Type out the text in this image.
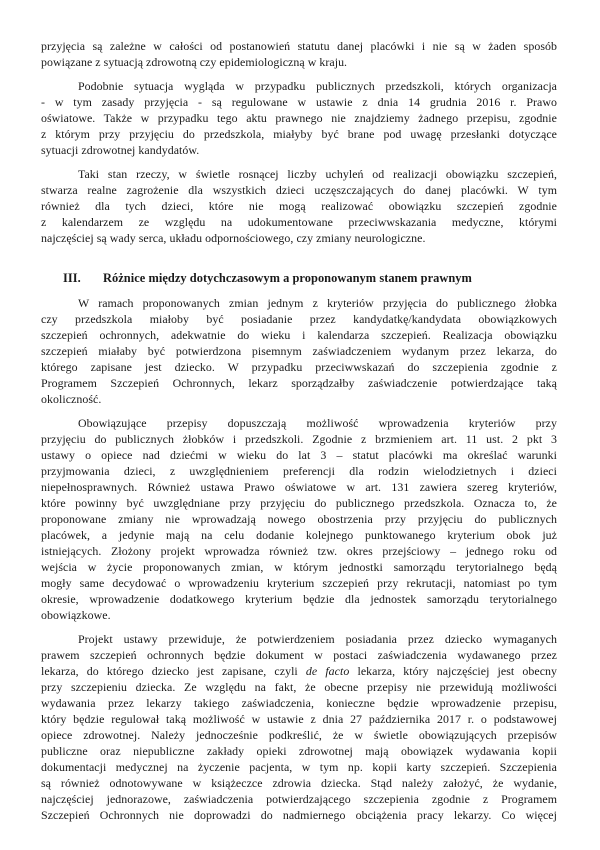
przyjęcia są zależne w całości od postanowień statutu danej placówki i nie są w żaden sposób
powiązane z sytuacją zdrowotną czy epidemiologiczną w kraju.
Podobnie sytuacja wygląda w przypadku publicznych przedszkoli, których organizacja
- w tym zasady przyjęcia - są regulowane w ustawie z dnia 14 grudnia 2016 r. Prawo
oświatowe. Także w przypadku tego aktu prawnego nie znajdziemy żadnego przepisu, zgodnie
z którym przy przyjęciu do przedszkola, miałyby być brane pod uwagę przesłanki dotyczące
sytuacji zdrowotnej kandydatów.
Taki stan rzeczy, w świetle rosnącej liczby uchyleń od realizacji obowiązku szczepień,
stwarza realne zagrożenie dla wszystkich dzieci uczęszczających do danej placówki. W tym
również dla tych dzieci, które nie mogą realizować obowiązku szczepień zgodnie
z kalendarzem ze względu na udokumentowane przeciwwskazania medyczne, którymi
najczęściej są wady serca, układu odpornościowego, czy zmiany neurologiczne.
III. Różnice między dotychczasowym a proponowanym stanem prawnym
W ramach proponowanych zmian jednym z kryteriów przyjęcia do publicznego żłobka
czy przedszkola miałoby być posiadanie przez kandydatkę/kandydata obowiązkowych
szczepień ochronnych, adekwatnie do wieku i kalendarza szczepień. Realizacja obowiązku
szczepień miałaby być potwierdzona pisemnym zaświadczeniem wydanym przez lekarza, do
którego zapisane jest dziecko. W przypadku przeciwwskazań do szczepienia zgodnie z
Programem Szczepień Ochronnych, lekarz sporządzałby zaświadczenie potwierdzające taką
okoliczność.
Obowiązujące przepisy dopuszczają możliwość wprowadzenia kryteriów przy
przyjęciu do publicznych żłobków i przedszkoli. Zgodnie z brzmieniem art. 11 ust. 2 pkt 3
ustawy o opiece nad dziećmi w wieku do lat 3 – statut placówki ma określać warunki
przyjmowania dzieci, z uwzględnieniem preferencji dla rodzin wielodzietnych i dzieci
niepełnosprawnych. Również ustawa Prawo oświatowe w art. 131 zawiera szereg kryteriów,
które powinny być uwzględniane przy przyjęciu do publicznego przedszkola. Oznacza to, że
proponowane zmiany nie wprowadzają nowego obostrzenia przy przyjęciu do publicznych
placówek, a jedynie mają na celu dodanie kolejnego punktowanego kryterium obok już
istniejących. Złożony projekt wprowadza również tzw. okres przejściowy – jednego roku od
wejścia w życie proponowanych zmian, w którym jednostki samorządu terytorialnego będą
mogły same decydować o wprowadzeniu kryterium szczepień przy rekrutacji, natomiast po tym
okresie, wprowadzenie dodatkowego kryterium będzie dla jednostek samorządu terytorialnego
obowiązkowe.
Projekt ustawy przewiduje, że potwierdzeniem posiadania przez dziecko wymaganych
prawem szczepień ochronnych będzie dokument w postaci zaświadczenia wydawanego przez
lekarza, do którego dziecko jest zapisane, czyli de facto lekarza, który najczęściej jest obecny
przy szczepieniu dziecka. Ze względu na fakt, że obecne przepisy nie przewidują możliwości
wydawania przez lekarzy takiego zaświadczenia, konieczne będzie wprowadzenie przepisu,
który będzie regulował taką możliwość w ustawie z dnia 27 października 2017 r. o podstawowej
opiece zdrowotnej. Należy jednocześnie podkreślić, że w świetle obowiązujących przepisów
publiczne oraz niepubliczne zakłady opieki zdrowotnej mają obowiązek wydawania kopii
dokumentacji medycznej na życzenie pacjenta, w tym np. kopii karty szczepień. Szczepienia
są również odnotowywane w książeczce zdrowia dziecka. Stąd należy założyć, że wydanie,
najczęściej jednorazowe, zaświadczenia potwierdzającego szczepienia zgodnie z Programem
Szczepień Ochronnych nie doprowadzi do nadmiernego obciążenia pracy lekarzy. Co więcej
